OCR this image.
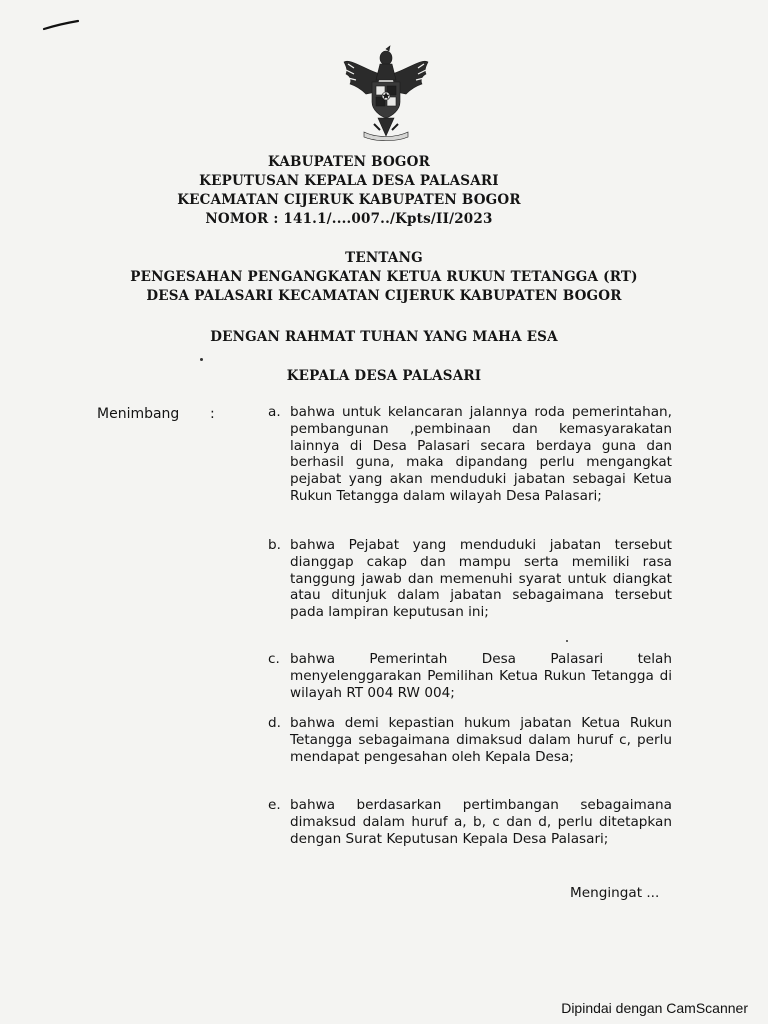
KABUPATEN BOGOR
KEPUTUSAN KEPALA DESA PALASARI
KECAMATAN CIJERUK KABUPATEN BOGOR
NOMOR : 141.1/....007../Kpts/II/2023
TENTANG
PENGESAHAN PENGANGKATAN KETUA RUKUN TETANGGA (RT)
DESA PALASARI KECAMATAN CIJERUK KABUPATEN BOGOR
DENGAN RAHMAT TUHAN YANG MAHA ESA
KEPALA DESA PALASARI
Menimbang :	a. bahwa untuk kelancaran jalannya roda pemerintahan, pembangunan ,pembinaan dan kemasyarakatan lainnya di Desa Palasari secara berdaya guna dan berhasil guna, maka dipandang perlu mengangkat pejabat yang akan menduduki jabatan sebagai Ketua Rukun Tetangga dalam wilayah Desa Palasari;
b. bahwa Pejabat yang menduduki jabatan tersebut dianggap cakap dan mampu serta memiliki rasa tanggung jawab dan memenuhi syarat untuk diangkat atau ditunjuk dalam jabatan sebagaimana tersebut pada lampiran keputusan ini;
c. bahwa Pemerintah Desa Palasari telah menyelenggarakan Pemilihan Ketua Rukun Tetangga di wilayah RT 004 RW 004;
d. bahwa demi kepastian hukum jabatan Ketua Rukun Tetangga sebagaimana dimaksud dalam huruf c, perlu mendapat pengesahan oleh Kepala Desa;
e. bahwa berdasarkan pertimbangan sebagaimana dimaksud dalam huruf a, b, c dan d, perlu ditetapkan dengan Surat Keputusan Kepala Desa Palasari;
Mengingat ...
Dipindai dengan CamScanner
